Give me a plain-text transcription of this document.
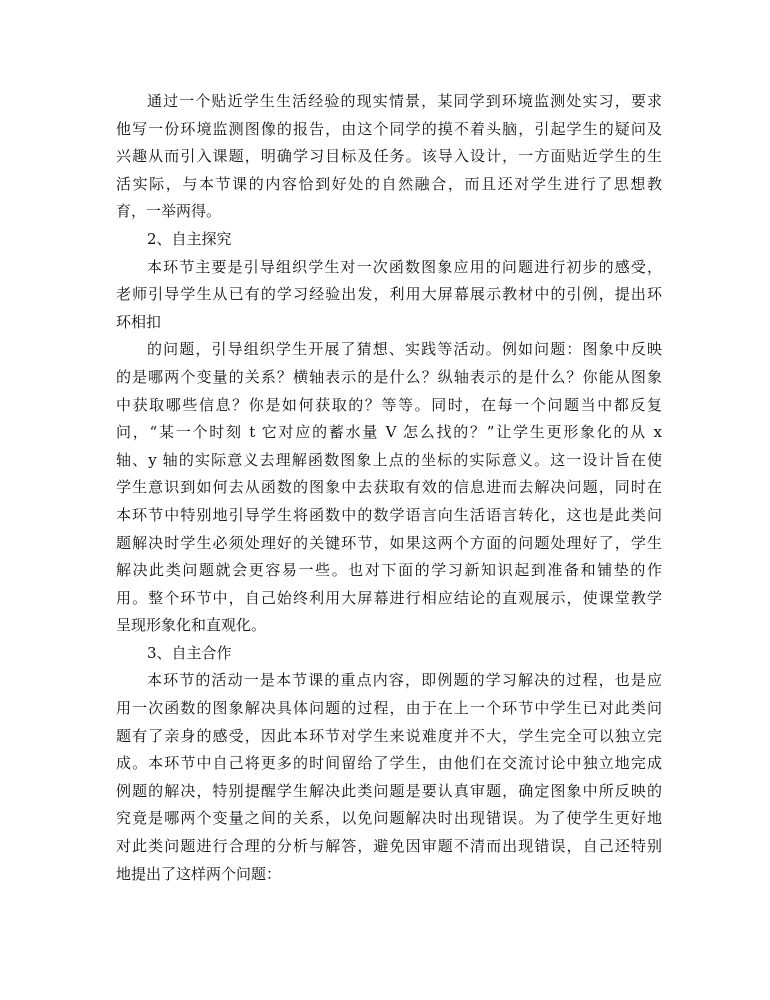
通过一个贴近学生生活经验的现实情景，某同学到环境监测处实习，要求
他写一份环境监测图像的报告，由这个同学的摸不着头脑，引起学生的疑问及
兴趣从而引入课题，明确学习目标及任务。该导入设计，一方面贴近学生的生
活实际，与本节课的内容恰到好处的自然融合，而且还对学生进行了思想教
育，一举两得。
2、自主探究
本环节主要是引导组织学生对一次函数图象应用的问题进行初步的感受，
老师引导学生从已有的学习经验出发，利用大屏幕展示教材中的引例，提出环
环相扣
的问题，引导组织学生开展了猜想、实践等活动。例如问题：图象中反映
的是哪两个变量的关系？横轴表示的是什么？纵轴表示的是什么？你能从图象
中获取哪些信息？你是如何获取的？等等。同时，在每一个问题当中都反复
问，“某一个时刻 t 它对应的蓄水量 V 怎么找的？”让学生更形象化的从 x
轴、y 轴的实际意义去理解函数图象上点的坐标的实际意义。这一设计旨在使
学生意识到如何去从函数的图象中去获取有效的信息进而去解决问题，同时在
本环节中特别地引导学生将函数中的数学语言向生活语言转化，这也是此类问
题解决时学生必须处理好的关键环节，如果这两个方面的问题处理好了，学生
解决此类问题就会更容易一些。也对下面的学习新知识起到准备和铺垫的作
用。整个环节中，自己始终利用大屏幕进行相应结论的直观展示，使课堂教学
呈现形象化和直观化。
3、自主合作
本环节的活动一是本节课的重点内容，即例题的学习解决的过程，也是应
用一次函数的图象解决具体问题的过程，由于在上一个环节中学生已对此类问
题有了亲身的感受，因此本环节对学生来说难度并不大，学生完全可以独立完
成。本环节中自己将更多的时间留给了学生，由他们在交流讨论中独立地完成
例题的解决，特别提醒学生解决此类问题是要认真审题，确定图象中所反映的
究竟是哪两个变量之间的关系，以免问题解决时出现错误。为了使学生更好地
对此类问题进行合理的分析与解答，避免因审题不清而出现错误，自己还特别
地提出了这样两个问题：
